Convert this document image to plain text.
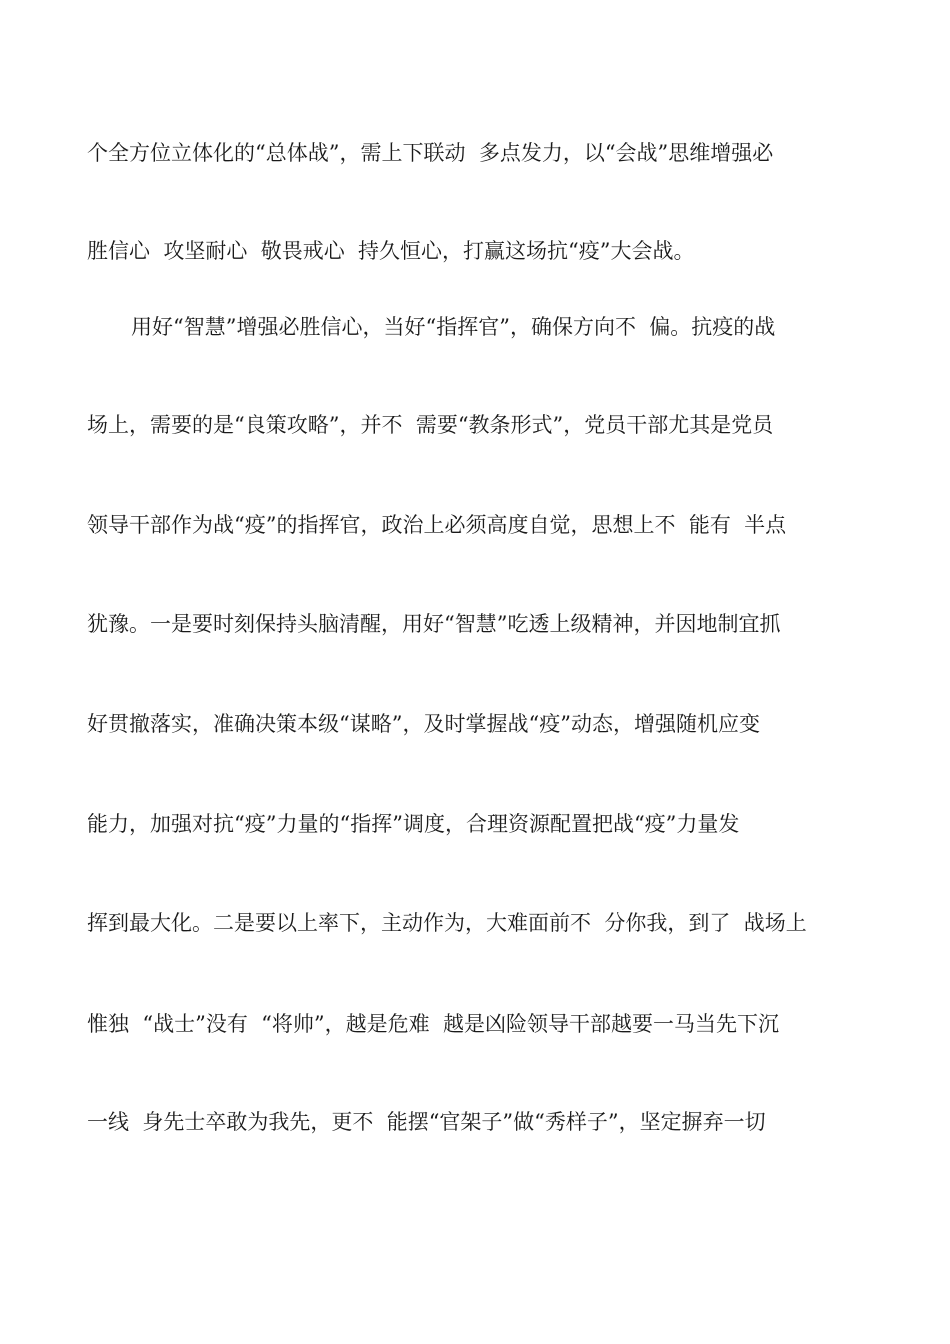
个全方位立体化的“总体战”，需上下联动  多点发力，以“会战”思维增强必
胜信心  攻坚耐心  敬畏戒心  持久恒心，打赢这场抗“疫”大会战。
用好“智慧”增强必胜信心，当好“指挥官”，确保方向不  偏。抗疫的战
场上，需要的是“良策攻略”，并不  需要“教条形式”，党员干部尤其是党员
领导干部作为战“疫”的指挥官，政治上必须高度自觉，思想上不  能有  半点
犹豫。一是要时刻保持头脑清醒，用好“智慧”吃透上级精神，并因地制宜抓
好贯撤落实，准确决策本级“谋略”，及时掌握战“疫”动态，增强随机应变
能力，加强对抗“疫”力量的“指挥”调度，合理资源配置把战“疫”力量发
挥到最大化。二是要以上率下，主动作为，大难面前不  分你我，到了  战场上
惟独  “战士”没有  “将帅”，越是危难  越是凶险领导干部越要一马当先下沉
一线  身先士卒敢为我先，更不  能摆“官架子”做“秀样子”，坚定摒弃一切
